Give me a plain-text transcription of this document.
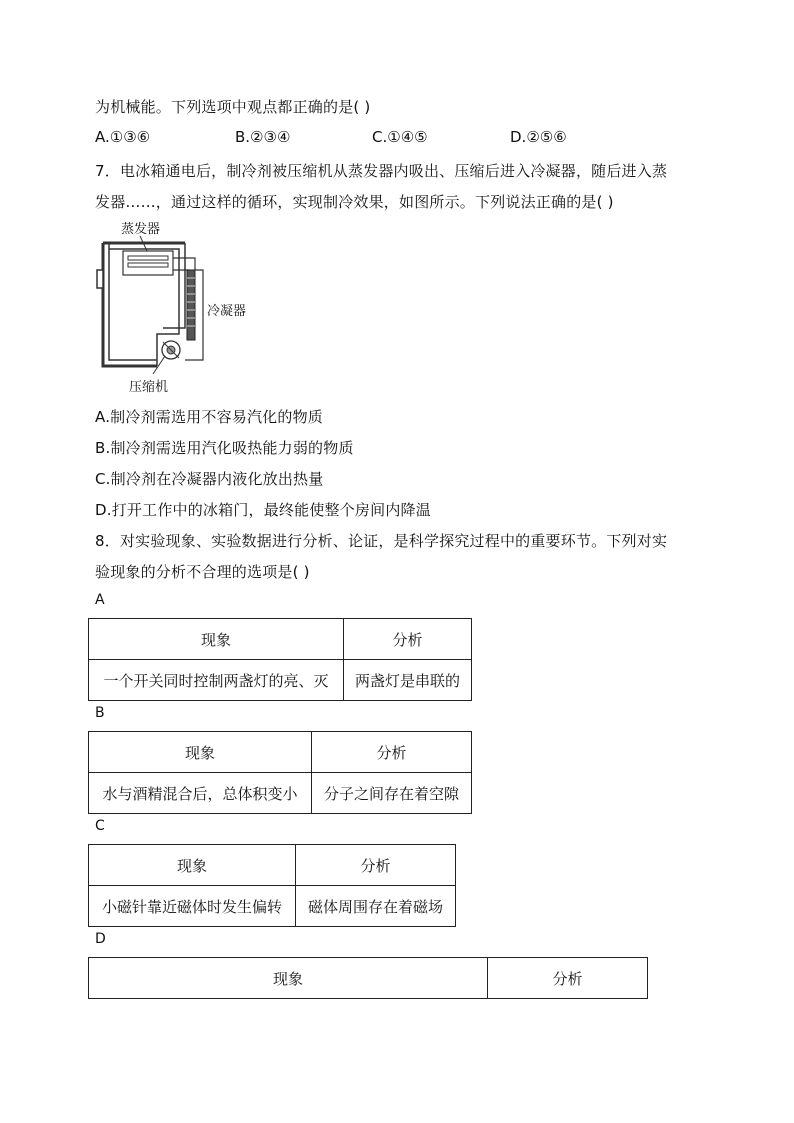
为机械能。下列选项中观点都正确的是( )
A.①③⑥	B.②③④	C.①④⑤	D.②⑤⑥
7．电冰箱通电后，制冷剂被压缩机从蒸发器内吸出、压缩后进入冷凝器，随后进入蒸
发器……，通过这样的循环，实现制冷效果，如图所示。下列说法正确的是( )
蒸发器
冷凝器
压缩机
A.制冷剂需选用不容易汽化的物质
B.制冷剂需选用汽化吸热能力弱的物质
C.制冷剂在冷凝器内液化放出热量
D.打开工作中的冰箱门，最终能使整个房间内降温
8．对实验现象、实验数据进行分析、论证，是科学探究过程中的重要环节。下列对实
验现象的分析不合理的选项是( )
A
现象	分析
一个开关同时控制两盏灯的亮、灭	两盏灯是串联的
B
现象	分析
水与酒精混合后，总体积变小	分子之间存在着空隙
C
现象	分析
小磁针靠近磁体时发生偏转	磁体周围存在着磁场
D
现象	分析
